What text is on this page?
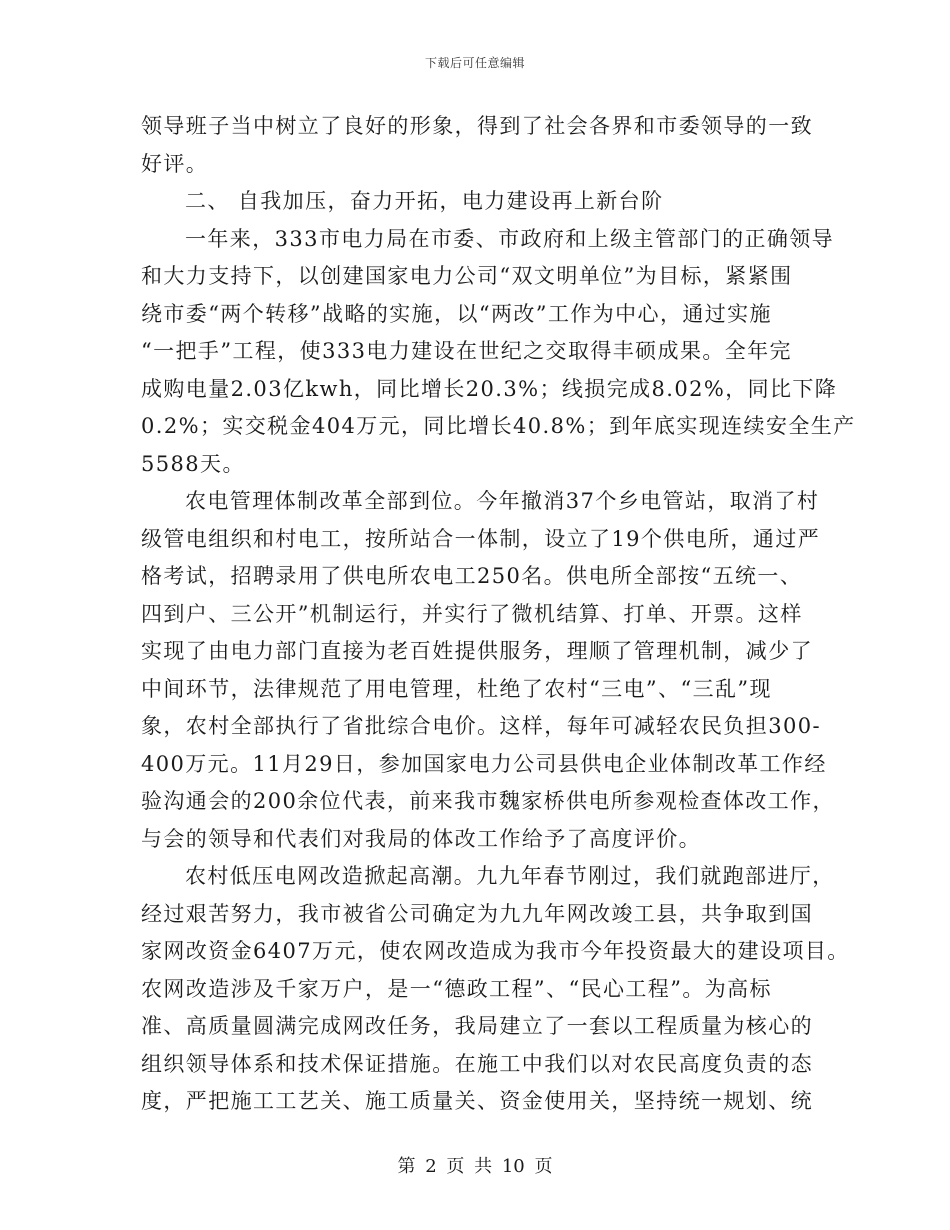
下载后可任意编辑
领导班子当中树立了良好的形象，得到了社会各界和市委领导的一致
好评。
二、 自我加压，奋力开拓，电力建设再上新台阶
一年来，333市电力局在市委、市政府和上级主管部门的正确领导
和大力支持下，以创建国家电力公司“双文明单位”为目标，紧紧围
绕市委“两个转移”战略的实施，以“两改”工作为中心，通过实施
“一把手”工程，使333电力建设在世纪之交取得丰硕成果。全年完
成购电量2.03亿kwh，同比增长20.3%；线损完成8.02%，同比下降
0.2%；实交税金404万元，同比增长40.8%；到年底实现连续安全生产
5588天。
农电管理体制改革全部到位。今年撤消37个乡电管站，取消了村
级管电组织和村电工，按所站合一体制，设立了19个供电所，通过严
格考试，招聘录用了供电所农电工250名。供电所全部按“五统一、
四到户、三公开”机制运行，并实行了微机结算、打单、开票。这样
实现了由电力部门直接为老百姓提供服务，理顺了管理机制，减少了
中间环节，法律规范了用电管理，杜绝了农村“三电”、“三乱”现
象，农村全部执行了省批综合电价。这样，每年可减轻农民负担300-
400万元。11月29日，参加国家电力公司县供电企业体制改革工作经
验沟通会的200余位代表，前来我市魏家桥供电所参观检查体改工作，
与会的领导和代表们对我局的体改工作给予了高度评价。
农村低压电网改造掀起高潮。九九年春节刚过，我们就跑部进厅，
经过艰苦努力，我市被省公司确定为九九年网改竣工县，共争取到国
家网改资金6407万元，使农网改造成为我市今年投资最大的建设项目。
农网改造涉及千家万户，是一“德政工程”、“民心工程”。为高标
准、高质量圆满完成网改任务，我局建立了一套以工程质量为核心的
组织领导体系和技术保证措施。在施工中我们以对农民高度负责的态
度，严把施工工艺关、施工质量关、资金使用关，坚持统一规划、统
第 2 页 共 10 页
